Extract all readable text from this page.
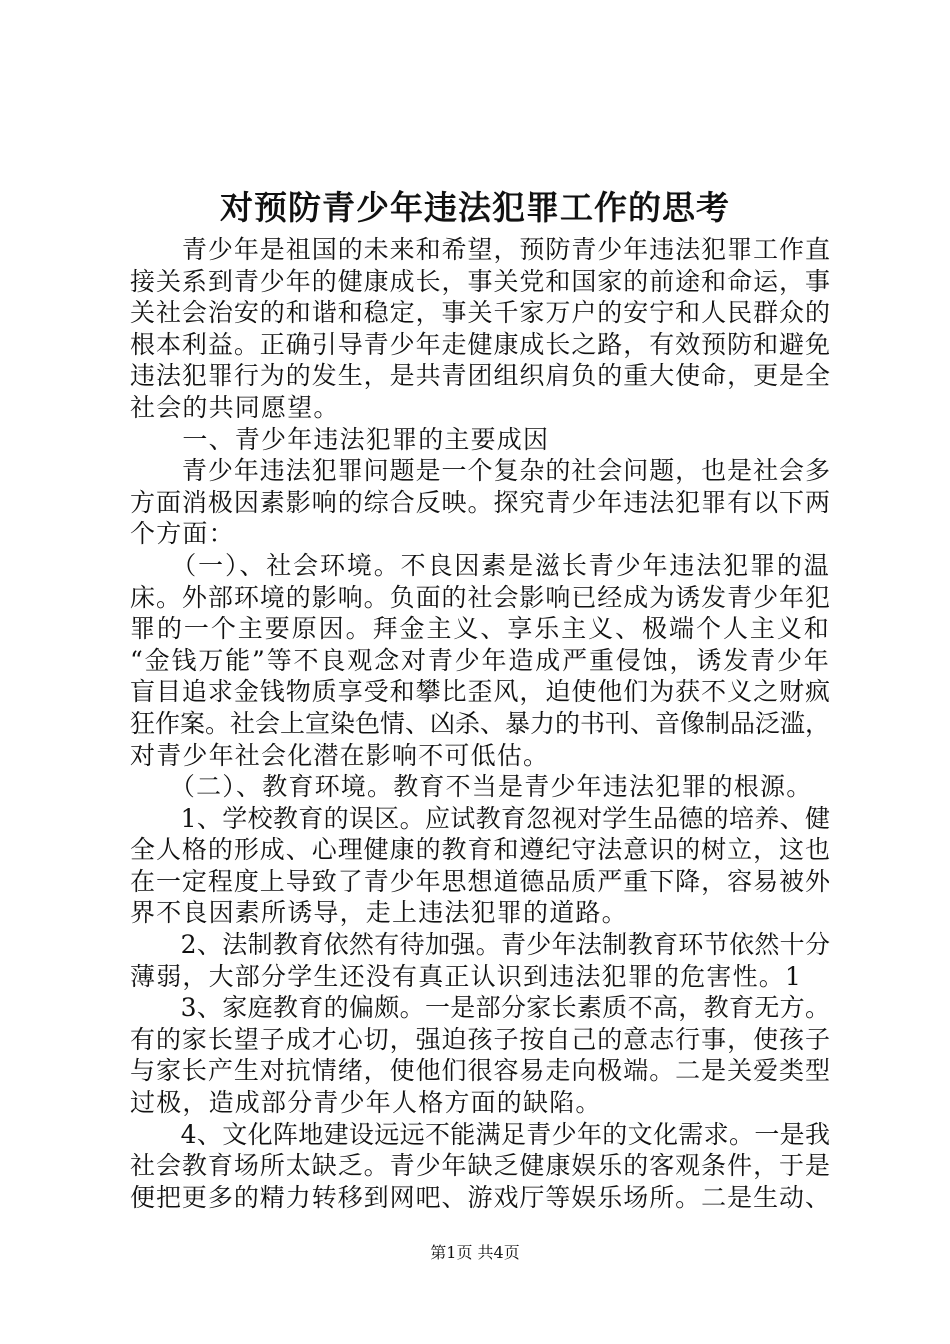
对预防青少年违法犯罪工作的思考
　　青少年是祖国的未来和希望，预防青少年违法犯罪工作直
接关系到青少年的健康成长，事关党和国家的前途和命运，事
关社会治安的和谐和稳定，事关千家万户的安宁和人民群众的
根本利益。正确引导青少年走健康成长之路，有效预防和避免
违法犯罪行为的发生，是共青团组织肩负的重大使命，更是全
社会的共同愿望。
　　一、青少年违法犯罪的主要成因
　　青少年违法犯罪问题是一个复杂的社会问题，也是社会多
方面消极因素影响的综合反映。探究青少年违法犯罪有以下两
个方面：
　　（一）、社会环境。不良因素是滋长青少年违法犯罪的温
床。外部环境的影响。负面的社会影响已经成为诱发青少年犯
罪的一个主要原因。拜金主义、享乐主义、极端个人主义和
“金钱万能”等不良观念对青少年造成严重侵蚀，诱发青少年
盲目追求金钱物质享受和攀比歪风，迫使他们为获不义之财疯
狂作案。社会上宣染色情、凶杀、暴力的书刊、音像制品泛滥，
对青少年社会化潜在影响不可低估。
　　（二）、教育环境。教育不当是青少年违法犯罪的根源。
　　1、学校教育的误区。应试教育忽视对学生品德的培养、健
全人格的形成、心理健康的教育和遵纪守法意识的树立，这也
在一定程度上导致了青少年思想道德品质严重下降，容易被外
界不良因素所诱导，走上违法犯罪的道路。
　　2、法制教育依然有待加强。青少年法制教育环节依然十分
薄弱，大部分学生还没有真正认识到违法犯罪的危害性。1
　　3、家庭教育的偏颇。一是部分家长素质不高，教育无方。
有的家长望子成才心切，强迫孩子按自己的意志行事，使孩子
与家长产生对抗情绪，使他们很容易走向极端。二是关爱类型
过极，造成部分青少年人格方面的缺陷。
　　4、文化阵地建设远远不能满足青少年的文化需求。一是我
社会教育场所太缺乏。青少年缺乏健康娱乐的客观条件，于是
便把更多的精力转移到网吧、游戏厅等娱乐场所。二是生动、
第1页 共4页
